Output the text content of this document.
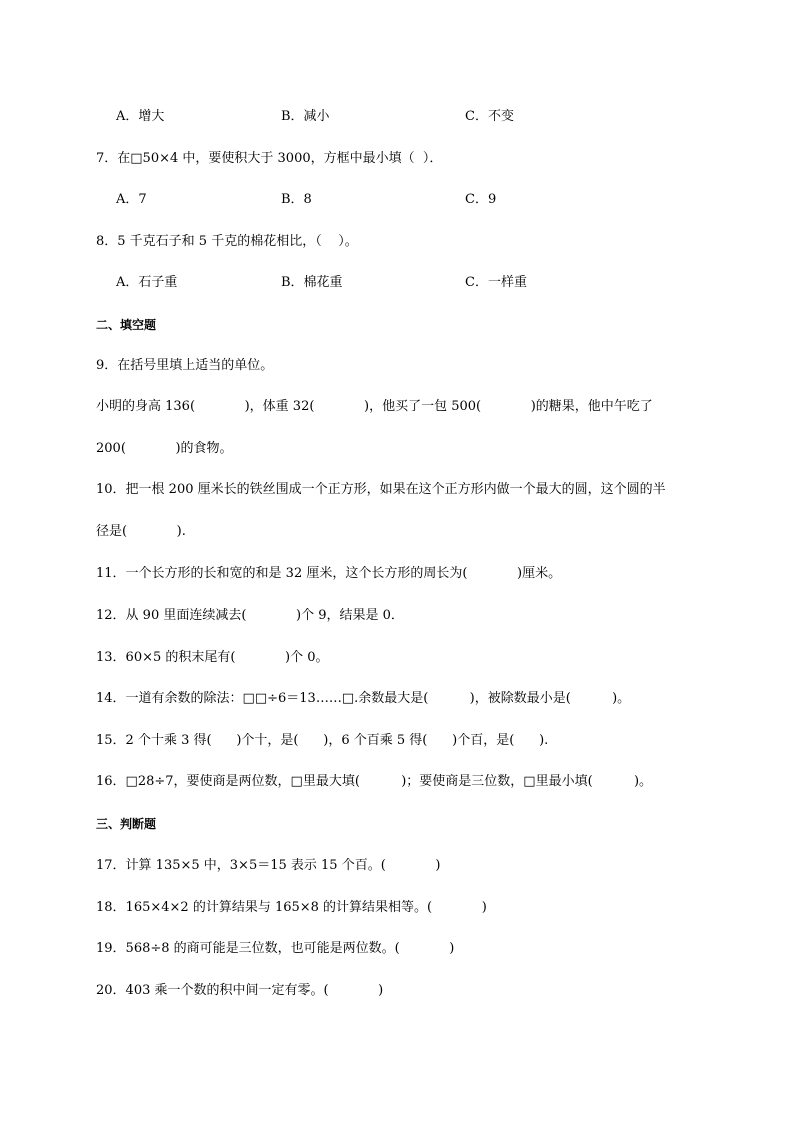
A．增大	B．减小	C．不变
7．在□50×4 中，要使积大于 3000，方框中最小填（  ）．
A．7	B．8	C．9
8．5 千克石子和 5 千克的棉花相比，（    ）。
A．石子重	B．棉花重	C．一样重
二、填空题
9．在括号里填上适当的单位。
小明的身高 136(            )，体重 32(            )，他买了一包 500(            )的糖果，他中午吃了
200(            )的食物。
10．把一根 200 厘米长的铁丝围成一个正方形，如果在这个正方形内做一个最大的圆，这个圆的半
径是(            ).
11．一个长方形的长和宽的和是 32 厘米，这个长方形的周长为(            )厘米。
12．从 90 里面连续减去(            )个 9，结果是 0．
13．60×5 的积末尾有(            )个 0。
14．一道有余数的除法：□□÷6＝13……□.余数最大是(          )，被除数最小是(          )。
15．2 个十乘 3 得(      )个十，是(      )，6 个百乘 5 得(      )个百，是(      ).
16．□28÷7，要使商是两位数，□里最大填(          )；要使商是三位数，□里最小填(          )。
三、判断题
17．计算 135×5 中，3×5＝15 表示 15 个百。(            )
18．165×4×2 的计算结果与 165×8 的计算结果相等。(            )
19．568÷8 的商可能是三位数，也可能是两位数。(            )
20．403 乘一个数的积中间一定有零。(            )
